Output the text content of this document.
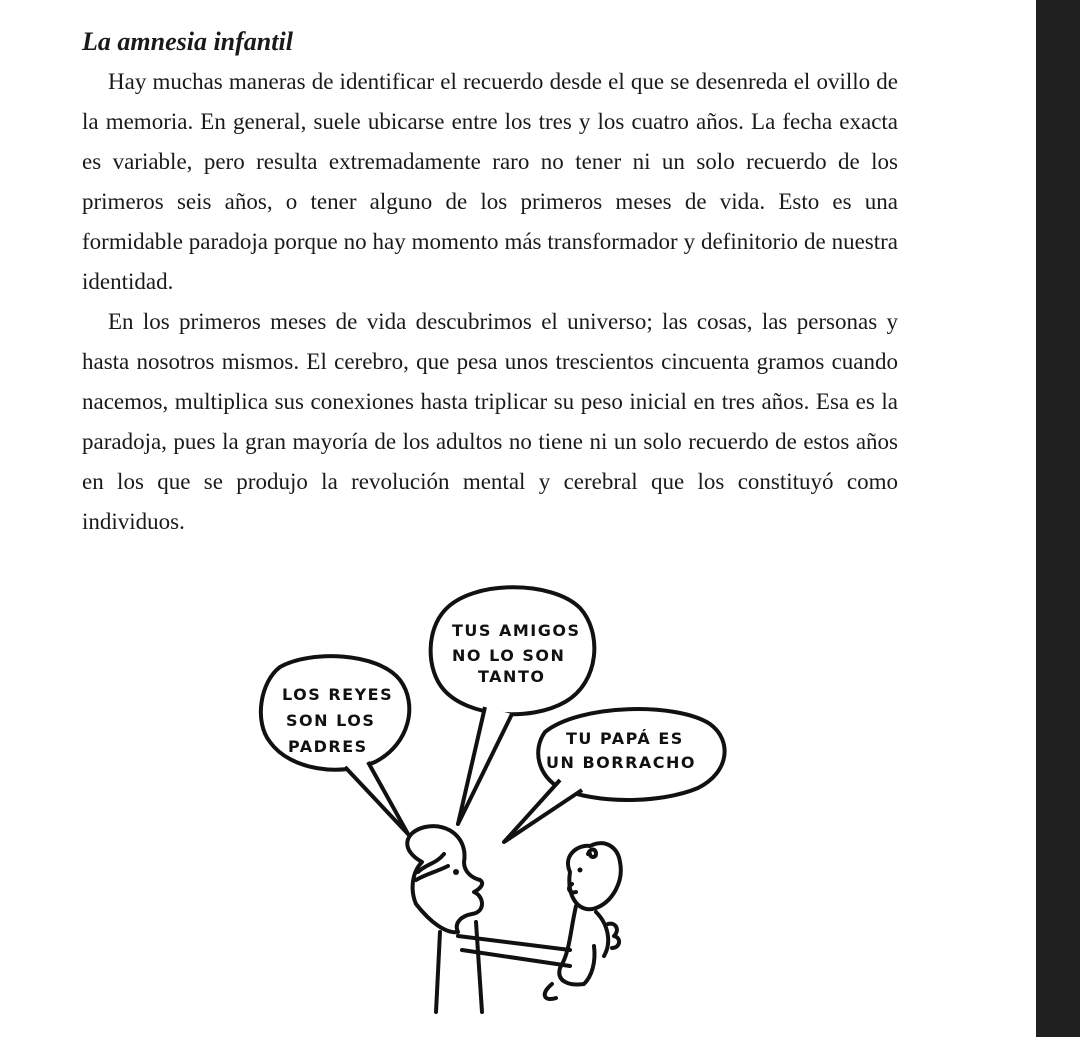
La amnesia infantil

Hay muchas maneras de identificar el recuerdo desde el que se desenreda el ovillo de la memoria. En general, suele ubicarse entre los tres y los cuatro años. La fecha exacta es variable, pero resulta extremadamente raro no tener ni un solo recuerdo de los primeros seis años, o tener alguno de los primeros meses de vida. Esto es una formidable paradoja porque no hay momento más transformador y definitorio de nuestra identidad.

En los primeros meses de vida descubrimos el universo; las cosas, las personas y hasta nosotros mismos. El cerebro, que pesa unos trescientos cincuenta gramos cuando nacemos, multiplica sus conexiones hasta triplicar su peso inicial en tres años. Esa es la paradoja, pues la gran mayoría de los adultos no tiene ni un solo recuerdo de estos años en los que se produjo la revolución mental y cerebral que los constituyó como individuos.

LOS REYES
SON LOS
PADRES
TUS AMIGOS
NO LO SON
TANTO
TU PAPÁ ES
UN BORRACHO
